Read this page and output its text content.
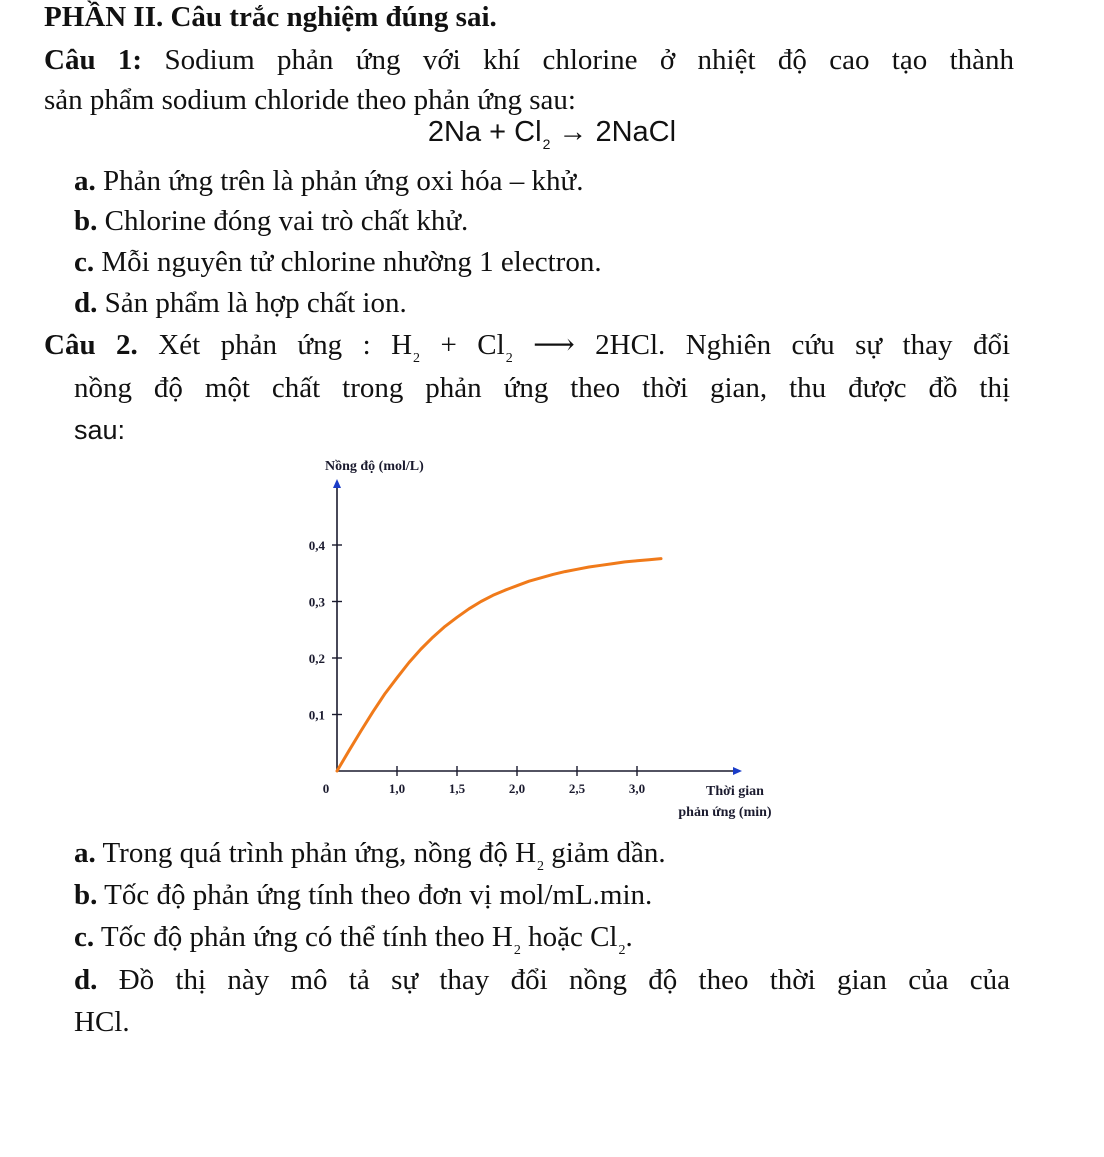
PHẦN II. Câu trắc nghiệm đúng sai.
Câu 1: Sodium phản ứng với khí chlorine ở nhiệt độ cao tạo thành
sản phẩm sodium chloride theo phản ứng sau:
$2Na + Cl_2$ → 2NaCl
a. Phản ứng trên là phản ứng oxi hóa – khử.
b. Chlorine đóng vai trò chất khử.
c. Mỗi nguyên tử chlorine nhường 1 electron.
d. Sản phẩm là hợp chất ion.
Câu 2. Xét phản ứng : $H_2 + Cl_2$ ⟶ 2HCl. Nghiên cứu sự thay đổi
nồng độ một chất trong phản ứng theo thời gian, thu được đồ thị
sau:
Nồng độ (mol/L)
0	Thời gian
phản ứng (min)
0,1
0,2
0,3
0,4
1,0	1,5	2,0	2,5	3,0
a. Trong quá trình phản ứng, nồng độ $H_2$ giảm dần.
b. Tốc độ phản ứng tính theo đơn vị mol/mL.min.
c. Tốc độ phản ứng có thể tính theo $H_2$ hoặc $Cl_2$.
d. Đồ thị này mô tả sự thay đổi nồng độ theo thời gian của của
HCl.
